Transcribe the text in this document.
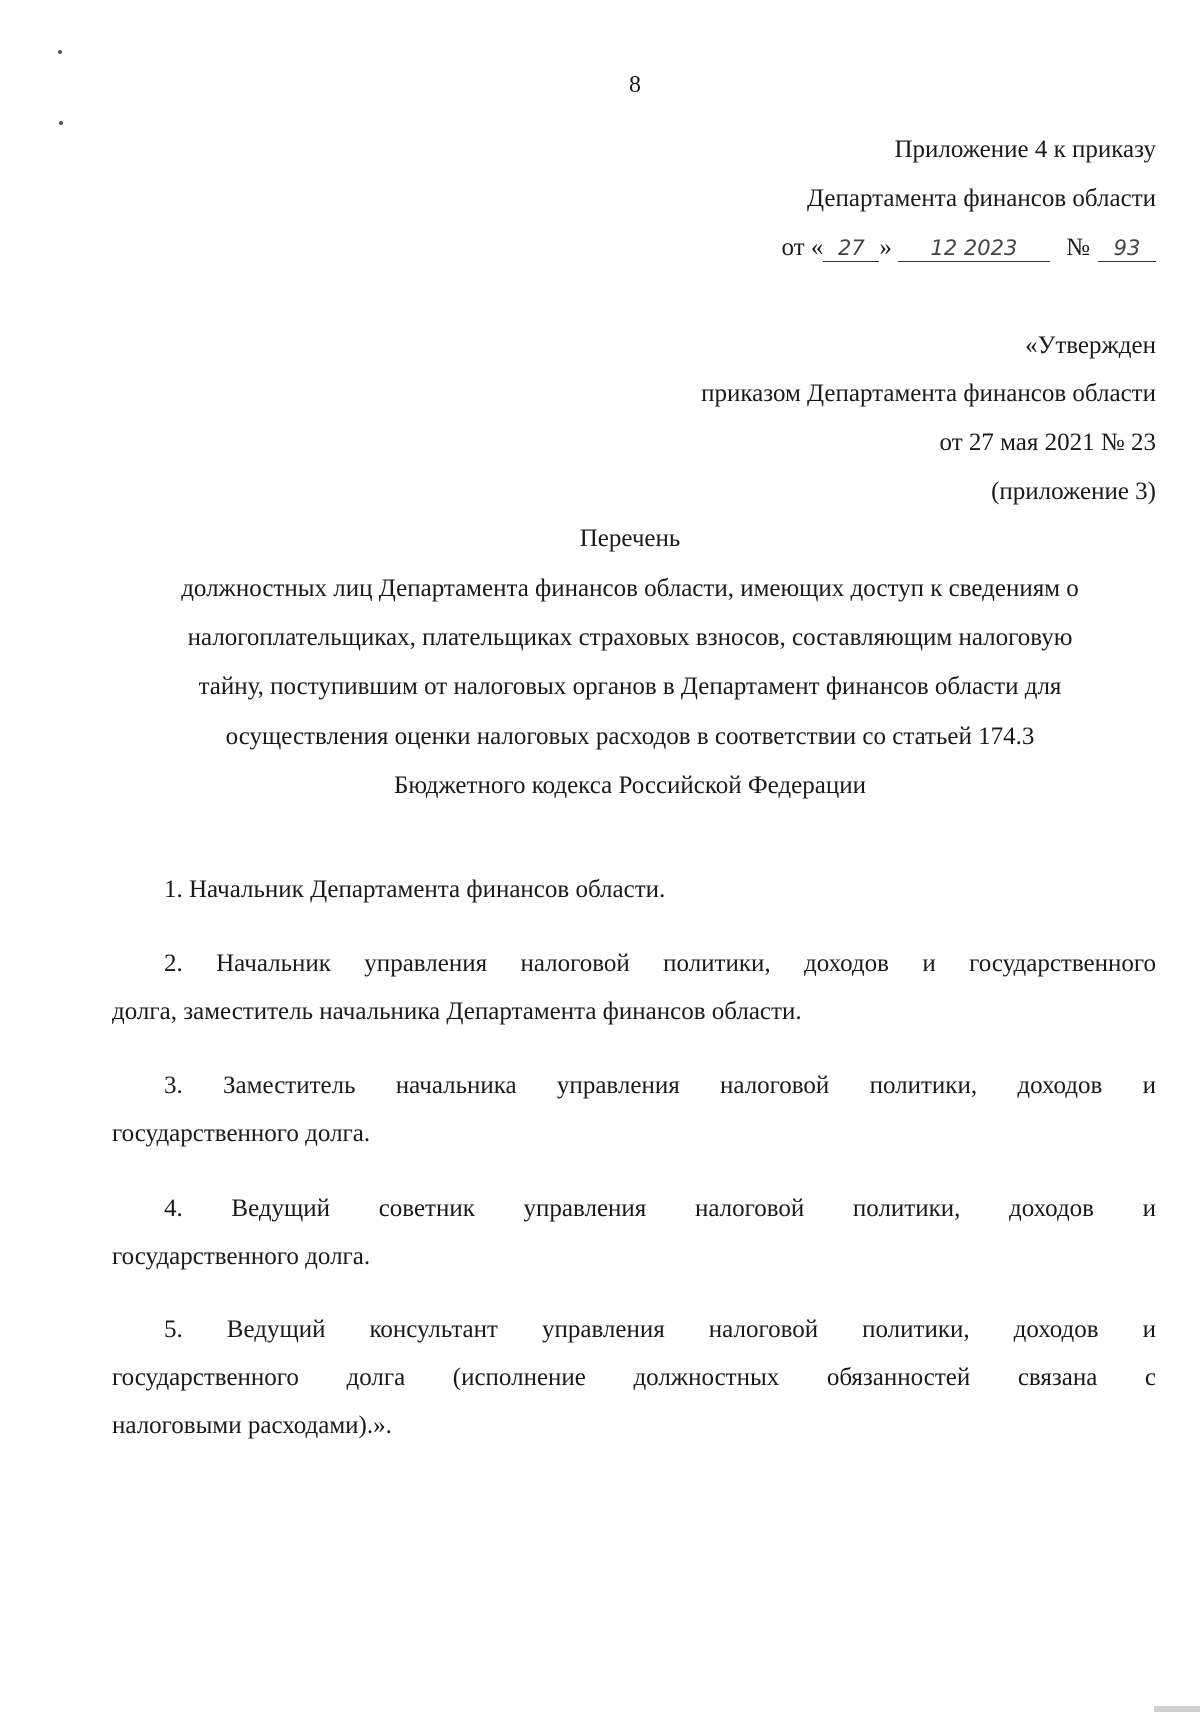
8
Приложение 4 к приказу
Департамента финансов области
от « 27 » 12 2023 № 93
«Утвержден
приказом Департамента финансов области
от 27 мая 2021 № 23
(приложение 3)
Перечень
должностных лиц Департамента финансов области, имеющих доступ к сведениям о
налогоплательщиках, плательщиках страховых взносов, составляющим налоговую
тайну, поступившим от налоговых органов в Департамент финансов области для
осуществления оценки налоговых расходов в соответствии со статьей 174.3
Бюджетного кодекса Российской Федерации
1. Начальник Департамента финансов области.
2. Начальник управления налоговой политики, доходов и государственного
долга, заместитель начальника Департамента финансов области.
3. Заместитель начальника управления налоговой политики, доходов и
государственного долга.
4. Ведущий советник управления налоговой политики, доходов и
государственного долга.
5. Ведущий консультант управления налоговой политики, доходов и
государственного долга (исполнение должностных обязанностей связана с
налоговыми расходами).».
